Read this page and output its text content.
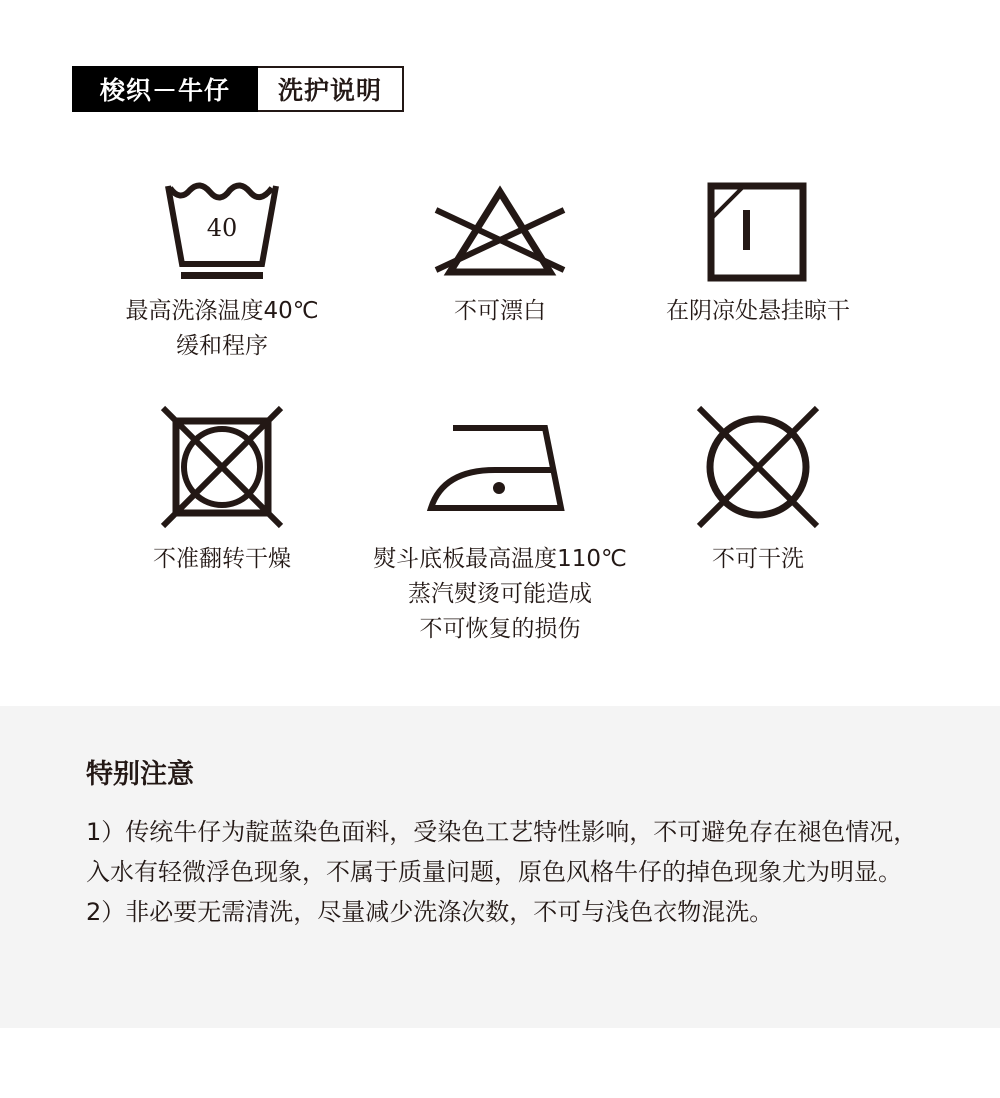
梭织－牛仔	洗护说明
40
最高洗涤温度40℃
缓和程序
不可漂白	在阴凉处悬挂晾干
不准翻转干燥	熨斗底板最高温度110℃
蒸汽熨烫可能造成
不可恢复的损伤
不可干洗
特别注意

1）传统牛仔为靛蓝染色面料，受染色工艺特性影响，不可避免存在褪色情况，入水有轻微浮色现象，不属于质量问题，原色风格牛仔的掉色现象尤为明显。

2）非必要无需清洗，尽量减少洗涤次数，不可与浅色衣物混洗。
